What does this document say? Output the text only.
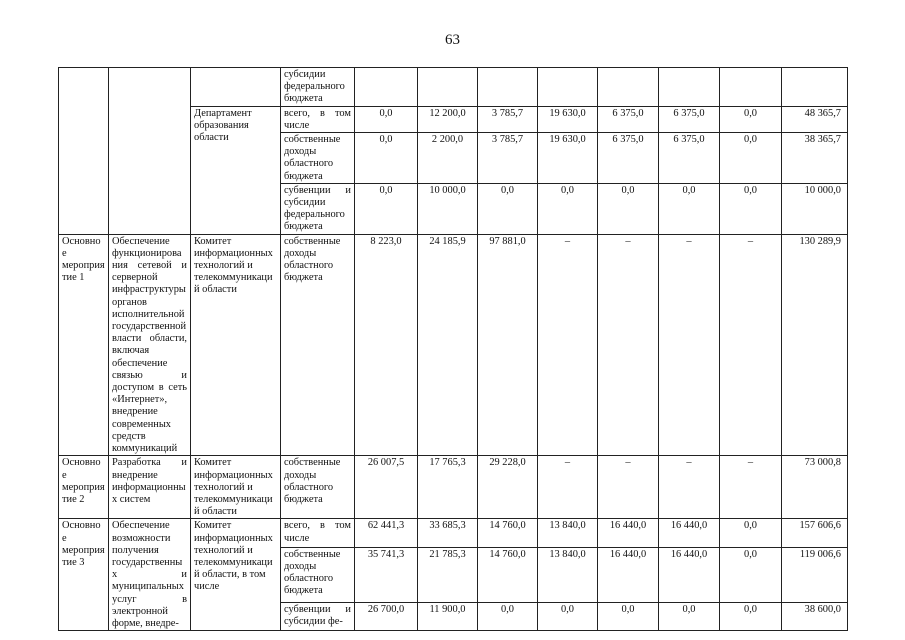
63
			субсидии федерального бюджета								
		Департамент образования области	всего, в том числе	0,0	12 200,0	3 785,7	19 630,0	6 375,0	6 375,0	0,0	48 365,7
			собственные доходы областного бюджета	0,0	2 200,0	3 785,7	19 630,0	6 375,0	6 375,0	0,0	38 365,7
			субвенции и субсидии федерального бюджета	0,0	10 000,0	0,0	0,0	0,0	0,0	0,0	10 000,0
Основное мероприятие 1	Обеспечение функционирования сетевой и серверной инфраструктуры органов исполнительной государственной власти области, включая обеспечение связью и доступом в сеть «Интернет», внедрение современных средств коммуникаций	Комитет информационных технологий и телекоммуникаций области	собственные доходы областного бюджета	8 223,0	24 185,9	97 881,0	–	–	–	–	130 289,9
Основное мероприятие 2	Разработка и внедрение информационных систем	Комитет информационных технологий и телекоммуникаций области	собственные доходы областного бюджета	26 007,5	17 765,3	29 228,0	–	–	–	–	73 000,8
Основное мероприятие 3	Обеспечение возможности получения государственных и муниципальных услуг в электронной форме, внедре-	Комитет информационных технологий и телекоммуникаций области, в том числе	всего, в том числе	62 441,3	33 685,3	14 760,0	13 840,0	16 440,0	16 440,0	0,0	157 606,6
			собственные доходы областного бюджета	35 741,3	21 785,3	14 760,0	13 840,0	16 440,0	16 440,0	0,0	119 006,6
			субвенции и субсидии фе-	26 700,0	11 900,0	0,0	0,0	0,0	0,0	0,0	38 600,0
